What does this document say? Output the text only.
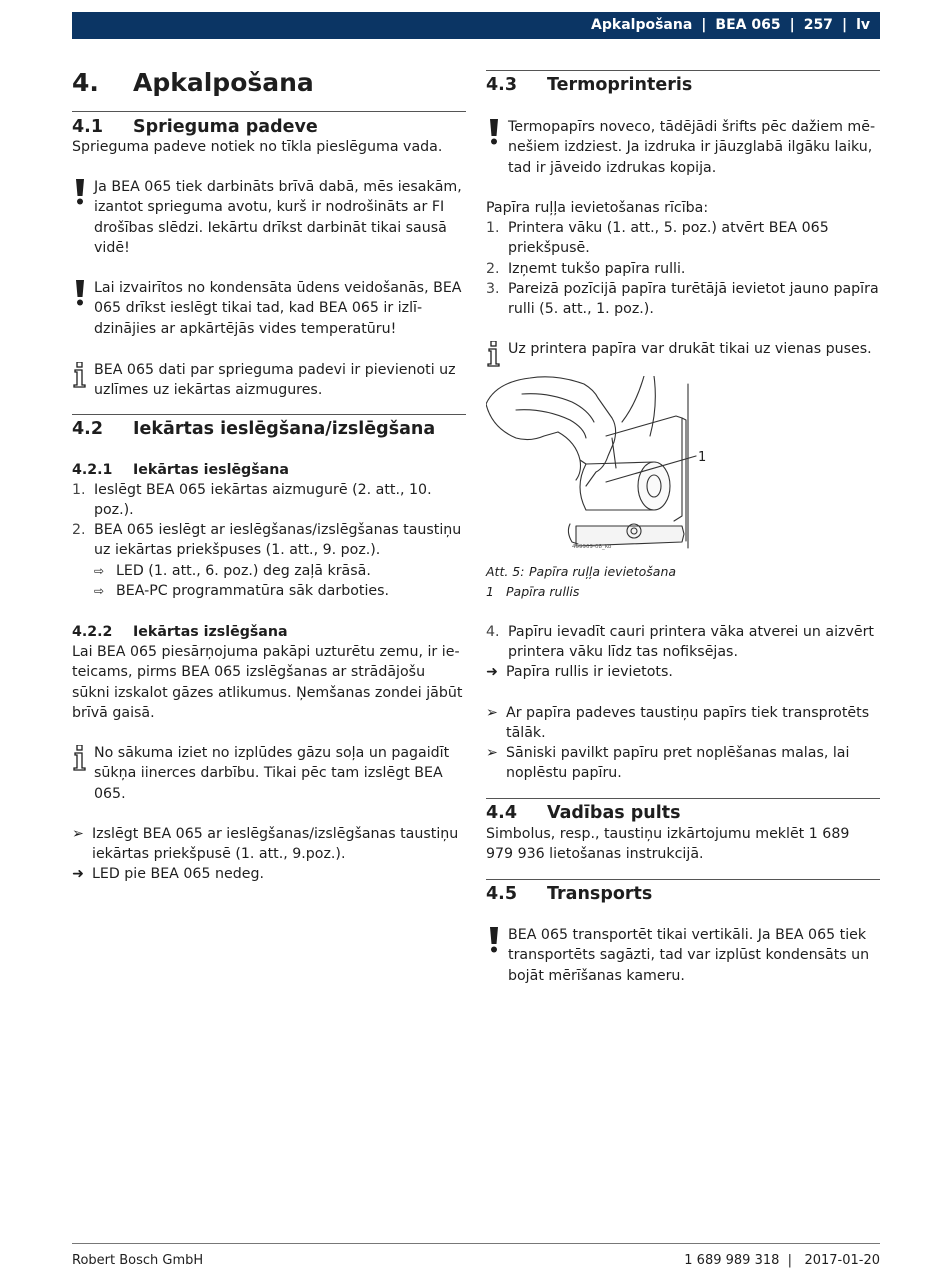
Apkalpošana | BEA 065 | 257 | lv
4. Apkalpošana
4.1 Sprieguma padeve

Sprieguma padeve notiek no tīkla pieslēguma vada.

Ja BEA 065 tiek darbināts brīvā dabā, mēs iesakām, izantot sprieguma avotu, kurš ir nodrošināts ar FI drošības slēdzi. Iekārtu drīkst darbināt tikai sausā vidē!

Lai izvairītos no kondensāta ūdens veidošanās, BEA 065 drīkst ieslēgt tikai tad, kad BEA 065 ir izlīdzinājies ar apkārtējās vides temperatūru!

BEA 065 dati par sprieguma padevi ir pievienoti uz uzlīmes uz iekārtas aizmugures.

4.2 Iekārtas ieslēgšana/izslēgšana
4.2.1 Iekārtas ieslēgšana
1. Ieslēgt BEA 065 iekārtas aizmugurē (2. att., 10. poz.).

2. BEA 065 ieslēgt ar ieslēgšanas/izslēgšanas taustiņu uz iekārtas priekšpuses (1. att., 9. poz.).

⇨ LED (1. att., 6. poz.) deg zaļā krāsā.

⇨ BEA-PC programmatūra sāk darboties.

4.2.2 Iekārtas izslēgšana

Lai BEA 065 piesārņojuma pakāpi uzturētu zemu, ir ieteicams, pirms BEA 065 izslēgšanas ar strādājošu sūkni izskalot gāzes atlikumus. Ņemšanas zondei jābūt brīvā gaisā.

No sākuma iziet no izplūdes gāzu soļa un pagaidīt sūkņa iinerces darbību. Tikai pēc tam izslēgt BEA 065.

➢ Izslēgt BEA 065 ar ieslēgšanas/izslēgšanas taustiņu iekārtas priekšpusē (1. att., 9.poz.).

➜ LED pie BEA 065 nedeg.

4.3 Termoprinteris

Termopapīrs noveco, tādējādi šrifts pēc dažiem mēnešiem izdziest. Ja izdruka ir jāuzglabā ilgāku laiku, tad ir jāveido izdrukas kopija.

Papīra ruļļa ievietošanas rīcība:

1. Printera vāku (1. att., 5. poz.) atvērt BEA 065 priekšpusē.

2. Izņemt tukšo papīra rulli.

3. Pareizā pozīcijā papīra turētājā ievietot jauno papīra rulli (5. att., 1. poz.).

Uz printera papīra var drukāt tikai uz vienas puses.

1
459969-08_Ko
Att. 5: Papīra ruļļa ievietošana
1 Papīra rullis
4. Papīru ievadīt cauri printera vāka atverei un aizvērt printera vāku līdz tas nofiksējas.

➜ Papīra rullis ir ievietots.

➢ Ar papīra padeves taustiņu papīrs tiek transprotēts tālāk.

➢ Sāniski pavilkt papīru pret noplēšanas malas, lai noplēstu papīru.

4.4 Vadības pults

Simbolus, resp., taustiņu izkārtojumu meklēt 1 689 979 936 lietošanas instrukcijā.

4.5 Transports

BEA 065 transportēt tikai vertikāli. Ja BEA 065 tiek transportēts sagāzti, tad var izplūst kondensāts un bojāt mērīšanas kameru.

Robert Bosch GmbH	1 689 989 318  |   2017-01-20
